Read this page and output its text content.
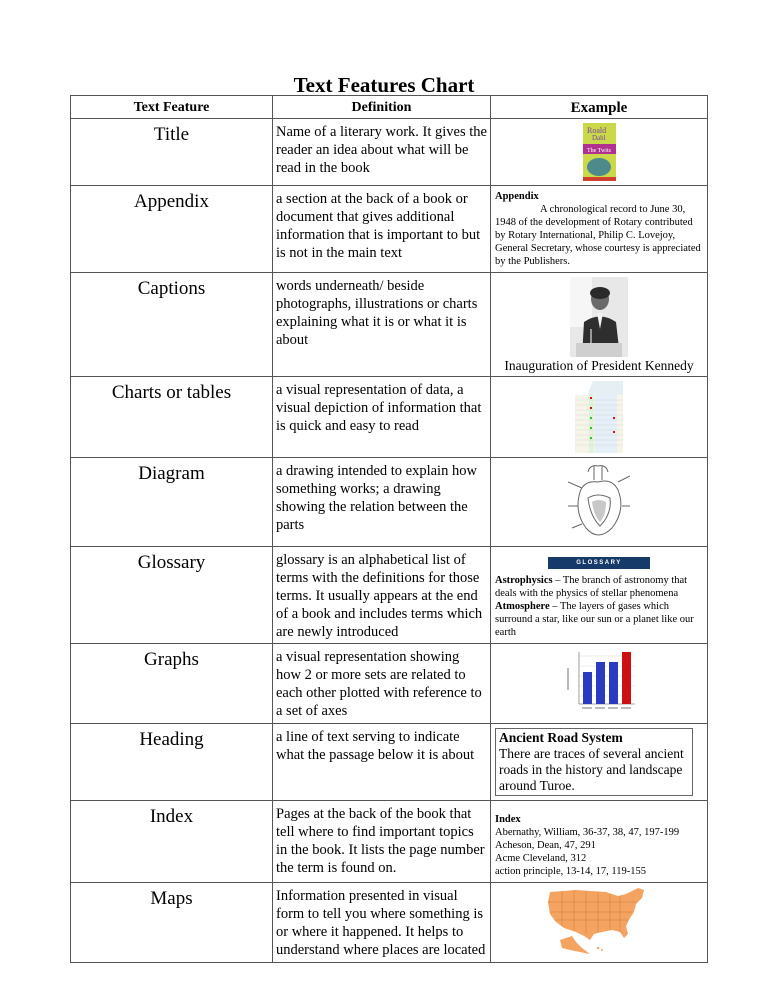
Text Features Chart
Text Feature	Definition	Example
Title	Name of a literary work. It gives the reader an idea about what will be read in the book	Roald
Dahl
The Twits

Appendix	a section at the back of a book or document that gives additional information that is important to but is not in the main text	Appendix
A chronological record to June 30, 1948 of the development of Rotary contributed by Rotary International, Philip C. Lovejoy, General Secretary, whose courtesy is appreciated by the Publishers.

Captions	words underneath/ beside photographs, illustrations or charts explaining what it is or what it is about	Inauguration of President Kennedy

Charts or tables	a visual representation of data, a visual depiction of information that is quick and easy to read	

Diagram	a drawing intended to explain how something works; a drawing showing the relation between the parts	

Glossary	glossary is an alphabetical list of terms with the definitions for those terms. It usually appears at the end of a book and includes terms which are newly introduced	GLOSSARY
Astrophysics – The branch of astronomy that deals with the physics of stellar phenomena
Atmosphere – The layers of gases which surround a star, like our sun or a planet like our earth

Graphs	a visual representation showing how 2 or more sets are related to each other plotted with reference to a set of axes	

Heading	a line of text serving to indicate what the passage below it is about	Ancient Road System
There are traces of several ancient roads in the history and landscape around Turoe.

Index	Pages at the back of the book that tell where to find important topics in the book. It lists the page number the term is found on.	Index
Abernathy, William, 36-37, 38, 47, 197-199
Acheson, Dean, 47, 291
Acme Cleveland, 312
action principle, 13-14, 17, 119-155

Maps	Information presented in visual form to tell you where something is or where it happened. It helps to understand where places are located	
